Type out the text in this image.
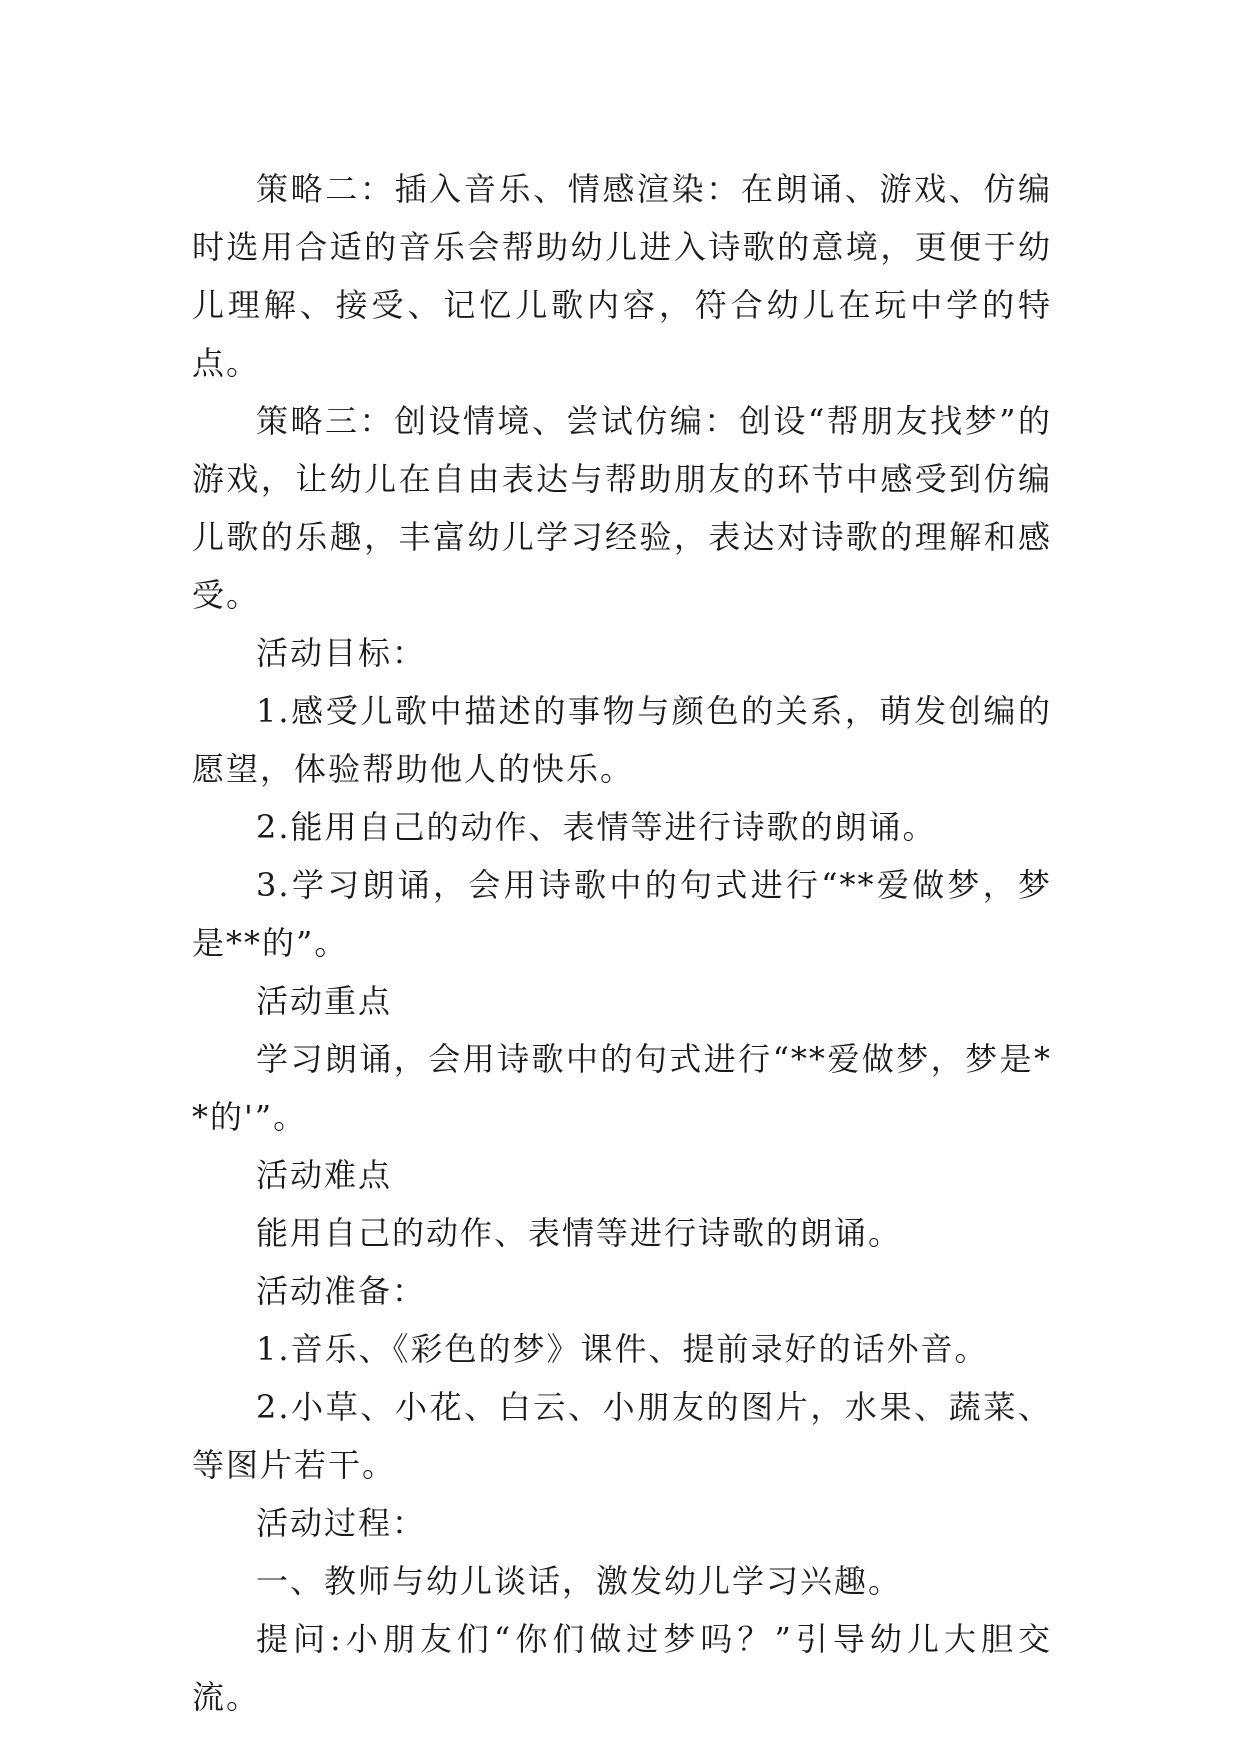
策略二：插入音乐、情感渲染：在朗诵、游戏、仿编时选用合适的音乐会帮助幼儿进入诗歌的意境，更便于幼儿理解、接受、记忆儿歌内容，符合幼儿在玩中学的特点。

策略三：创设情境、尝试仿编：创设“帮朋友找梦”的游戏，让幼儿在自由表达与帮助朋友的环节中感受到仿编儿歌的乐趣，丰富幼儿学习经验，表达对诗歌的理解和感受。

活动目标：

1.感受儿歌中描述的事物与颜色的关系，萌发创编的愿望，体验帮助他人的快乐。

2.能用自己的动作、表情等进行诗歌的朗诵。

3.学习朗诵，会用诗歌中的句式进行“**爱做梦，梦是**的”。

活动重点

学习朗诵，会用诗歌中的句式进行“**爱做梦，梦是**的'”。

活动难点

能用自己的动作、表情等进行诗歌的朗诵。

活动准备：

1.音乐、《彩色的梦》课件、提前录好的话外音。

2.小草、小花、白云、小朋友的图片，水果、蔬菜、等图片若干。

活动过程：

一、教师与幼儿谈话，激发幼儿学习兴趣。

提问:小朋友们“你们做过梦吗？”引导幼儿大胆交流。
